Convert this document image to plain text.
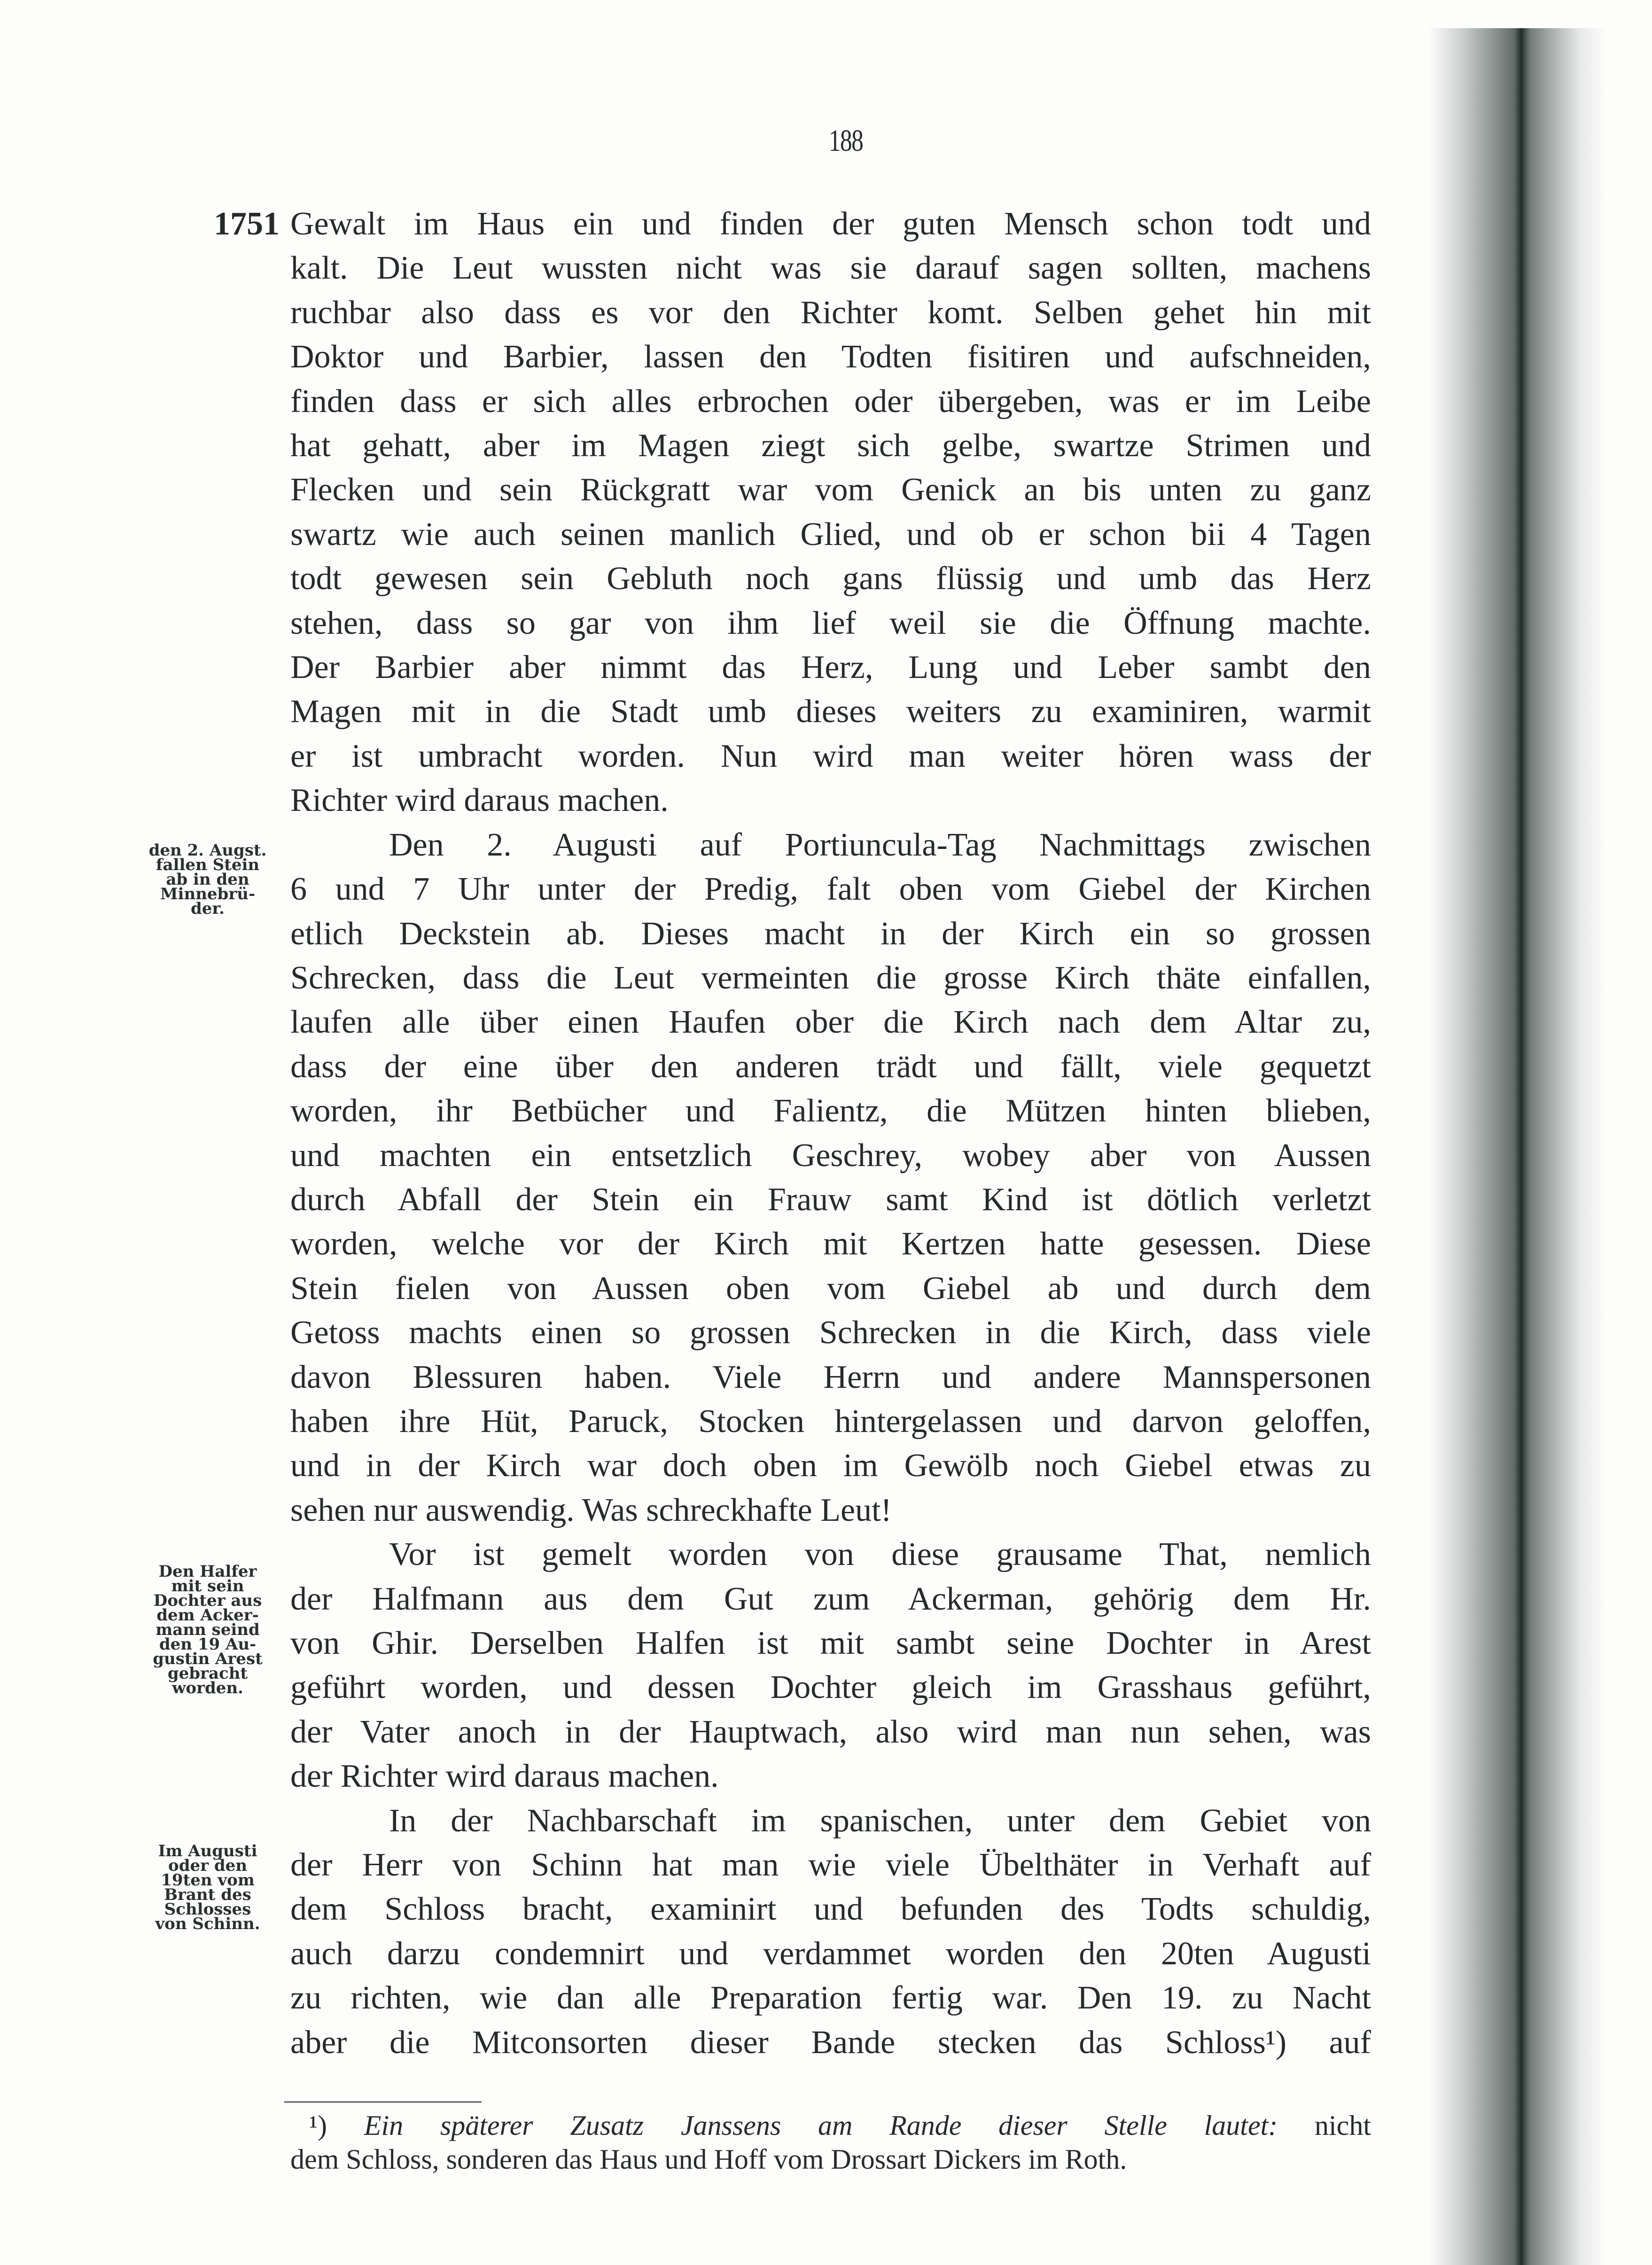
188
1751 Gewalt im Haus ein und finden der guten Mensch schon todt und
kalt. Die Leut wussten nicht was sie darauf sagen sollten, machens
ruchbar also dass es vor den Richter komt. Selben gehet hin mit
Doktor und Barbier, lassen den Todten fisitiren und aufschneiden,
finden dass er sich alles erbrochen oder übergeben, was er im Leibe
hat gehatt, aber im Magen ziegt sich gelbe, swartze Strimen und
Flecken und sein Rückgratt war vom Genick an bis unten zu ganz
swartz wie auch seinen manlich Glied, und ob er schon bii 4 Tagen
todt gewesen sein Gebluth noch gans flüssig und umb das Herz
stehen, dass so gar von ihm lief weil sie die Öffnung machte.
Der Barbier aber nimmt das Herz, Lung und Leber sambt den
Magen mit in die Stadt umb dieses weiters zu examiniren, warmit
er ist umbracht worden. Nun wird man weiter hören wass der
Richter wird daraus machen.
Den 2. Augusti auf Portiuncula-Tag Nachmittags zwischen
6 und 7 Uhr unter der Predig, falt oben vom Giebel der Kirchen
etlich Deckstein ab. Dieses macht in der Kirch ein so grossen
Schrecken, dass die Leut vermeinten die grosse Kirch thäte einfallen,
laufen alle über einen Haufen ober die Kirch nach dem Altar zu,
dass der eine über den anderen trädt und fällt, viele gequetzt
worden, ihr Betbücher und Falientz, die Mützen hinten blieben,
und machten ein entsetzlich Geschrey, wobey aber von Aussen
durch Abfall der Stein ein Frauw samt Kind ist dötlich verletzt
worden, welche vor der Kirch mit Kertzen hatte gesessen. Diese
Stein fielen von Aussen oben vom Giebel ab und durch dem
Getoss machts einen so grossen Schrecken in die Kirch, dass viele
davon Blessuren haben. Viele Herrn und andere Mannspersonen
haben ihre Hüt, Paruck, Stocken hintergelassen und darvon geloffen,
und in der Kirch war doch oben im Gewölb noch Giebel etwas zu
sehen nur auswendig. Was schreckhafte Leut!
Vor ist gemelt worden von diese grausame That, nemlich
der Halfmann aus dem Gut zum Ackerman, gehörig dem Hr.
von Ghir. Derselben Halfen ist mit sambt seine Dochter in Arest
geführt worden, und dessen Dochter gleich im Grasshaus geführt,
der Vater anoch in der Hauptwach, also wird man nun sehen, was
der Richter wird daraus machen.
In der Nachbarschaft im spanischen, unter dem Gebiet von
der Herr von Schinn hat man wie viele Übelthäter in Verhaft auf
dem Schloss bracht, examinirt und befunden des Todts schuldig,
auch darzu condemnirt und verdammet worden den 20ten Augusti
zu richten, wie dan alle Preparation fertig war. Den 19. zu Nacht
aber die Mitconsorten dieser Bande stecken das Schloss¹) auf
den 2. Augst.
fallen Stein
ab in den
Minnebrü-
der.
Den Halfer
mit sein
Dochter aus
dem Acker-
mann seind
den 19 Au-
gustin Arest
gebracht
worden.
Im Augusti
oder den
19ten vom
Brant des
Schlosses
von Schinn.
¹) Ein späterer Zusatz Janssens am Rande dieser Stelle lautet: nicht
dem Schloss, sonderen das Haus und Hoff vom Drossart Dickers im Roth.
